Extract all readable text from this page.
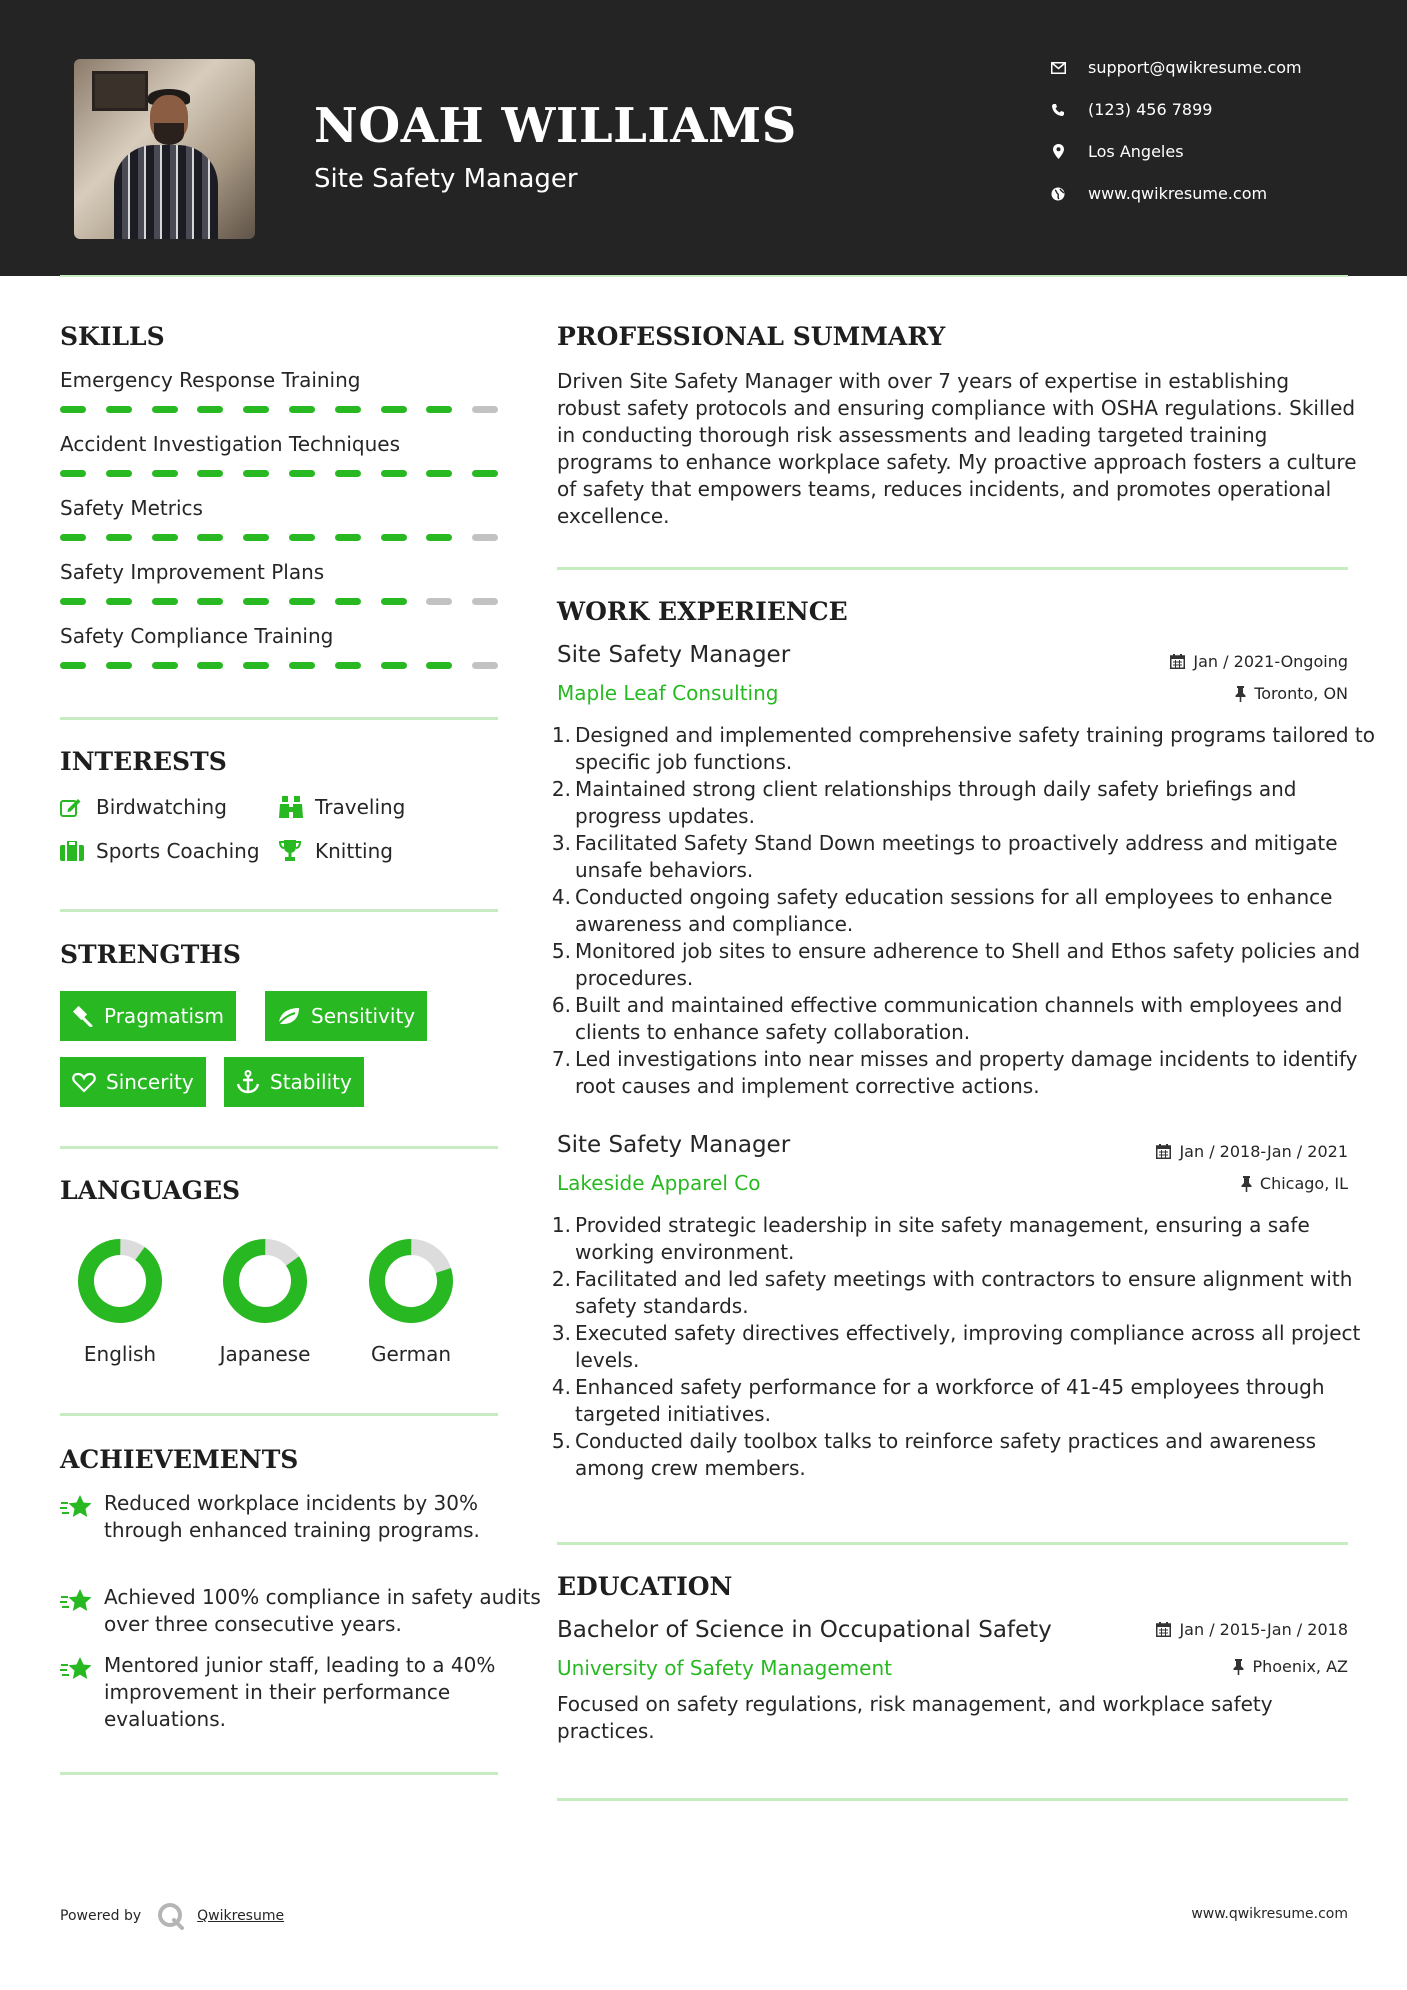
NOAH WILLIAMS
Site Safety Manager
support@qwikresume.com
(123) 456 7899
Los Angeles
www.qwikresume.com
SKILLS
Emergency Response Training
Accident Investigation Techniques
Safety Metrics
Safety Improvement Plans
Safety Compliance Training
INTERESTS
Birdwatching	Traveling
Sports Coaching	Knitting
STRENGTHS
Pragmatism	Sensitivity
Sincerity	Stability
LANGUAGES
English	Japanese	German
ACHIEVEMENTS
Reduced workplace incidents by 30% through enhanced training programs.
Achieved 100% compliance in safety audits over three consecutive years.
Mentored junior staff, leading to a 40% improvement in their performance evaluations.
PROFESSIONAL SUMMARY

Driven Site Safety Manager with over 7 years of expertise in establishing robust safety protocols and ensuring compliance with OSHA regulations. Skilled in conducting thorough risk assessments and leading targeted training programs to enhance workplace safety. My proactive approach fosters a culture of safety that empowers teams, reduces incidents, and promotes operational excellence.

WORK EXPERIENCE
Site Safety Manager	Jan / 2021-Ongoing
Maple Leaf Consulting	Toronto, ON
Designed and implemented comprehensive safety training programs tailored to specific job functions.
Maintained strong client relationships through daily safety briefings and progress updates.
Facilitated Safety Stand Down meetings to proactively address and mitigate unsafe behaviors.
Conducted ongoing safety education sessions for all employees to enhance awareness and compliance.
Monitored job sites to ensure adherence to Shell and Ethos safety policies and procedures.
Built and maintained effective communication channels with employees and clients to enhance safety collaboration.
Led investigations into near misses and property damage incidents to identify root causes and implement corrective actions.
Site Safety Manager	Jan / 2018-Jan / 2021
Lakeside Apparel Co	Chicago, IL
Provided strategic leadership in site safety management, ensuring a safe working environment.
Facilitated and led safety meetings with contractors to ensure alignment with safety standards.
Executed safety directives effectively, improving compliance across all project levels.
Enhanced safety performance for a workforce of 41-45 employees through targeted initiatives.
Conducted daily toolbox talks to reinforce safety practices and awareness among crew members.
EDUCATION
Bachelor of Science in Occupational Safety	Jan / 2015-Jan / 2018
University of Safety Management	Phoenix, AZ

Focused on safety regulations, risk management, and workplace safety practices.

Powered by	Qwikresume	www.qwikresume.com
